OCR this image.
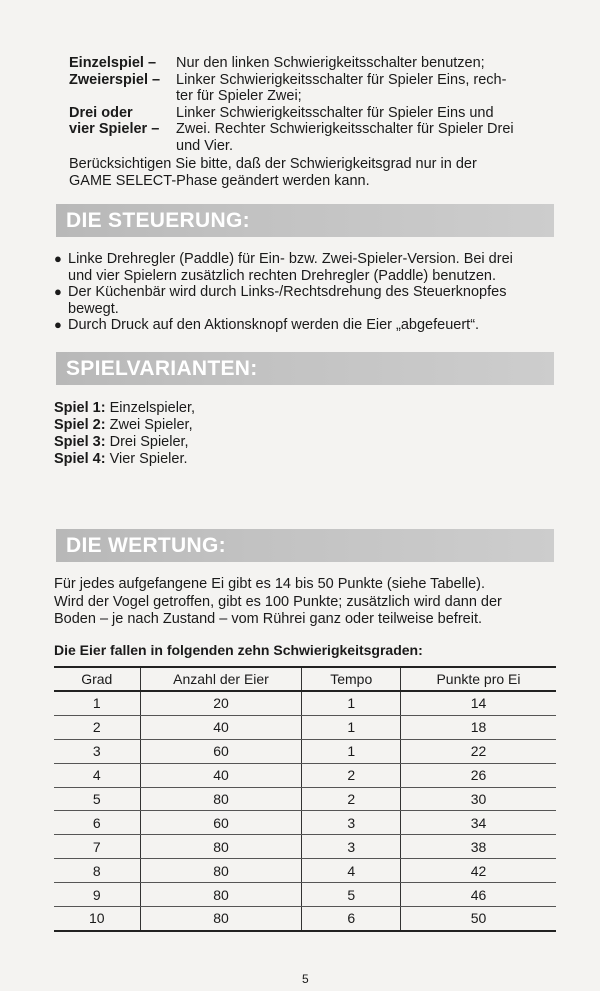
Einzelspiel –	Nur den linken Schwierigkeitsschalter benutzen;
Zweierspiel –	Linker Schwierigkeitsschalter für Spieler Eins, rech-
ter für Spieler Zwei;
Drei oder	Linker Schwierigkeitsschalter für Spieler Eins und
vier Spieler –	Zwei. Rechter Schwierigkeitsschalter für Spieler Drei
und Vier.
Berücksichtigen Sie bitte, daß der Schwierigkeitsgrad nur in der
GAME SELECT-Phase geändert werden kann.
DIE STEUERUNG:
● Linke Drehregler (Paddle) für Ein- bzw. Zwei-Spieler-Version. Bei drei
und vier Spielern zusätzlich rechten Drehregler (Paddle) benutzen.
● Der Küchenbär wird durch Links-/Rechtsdrehung des Steuerknopfes
bewegt.
● Durch Druck auf den Aktionsknopf werden die Eier „abgefeuert“.
SPIELVARIANTEN:
Spiel 1: Einzelspieler,
Spiel 2: Zwei Spieler,
Spiel 3: Drei Spieler,
Spiel 4: Vier Spieler.
DIE WERTUNG:
Für jedes aufgefangene Ei gibt es 14 bis 50 Punkte (siehe Tabelle).
Wird der Vogel getroffen, gibt es 100 Punkte; zusätzlich wird dann der
Boden – je nach Zustand – vom Rührei ganz oder teilweise befreit.
Die Eier fallen in folgenden zehn Schwierigkeitsgraden:
Grad	Anzahl der Eier	Tempo	Punkte pro Ei
1	20	1	14
2	40	1	18
3	60	1	22
4	40	2	26
5	80	2	30
6	60	3	34
7	80	3	38
8	80	4	42
9	80	5	46
10	80	6	50
5
